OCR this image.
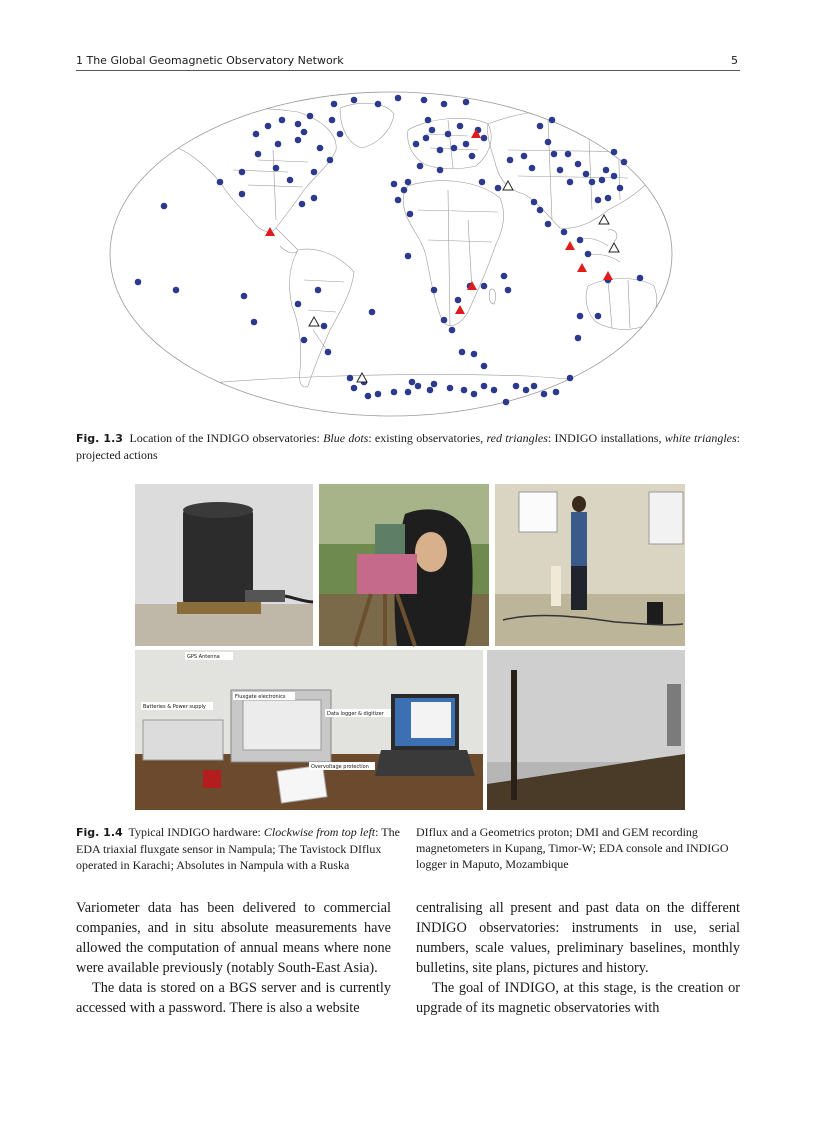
1 The Global Geomagnetic Observatory Network	5
Fig. 1.3 Location of the INDIGO observatories: Blue dots: existing observatories, red triangles: INDIGO installations, white triangles: projected actions
GPS Antenna
Fluxgate electronics
Batteries & Power supply
Data logger & digitizer
Overvoltage protection
Fig. 1.4 Typical INDIGO hardware: Clockwise from top left: The EDA triaxial fluxgate sensor in Nampula; The Tavistock DIflux operated in Karachi; Absolutes in Nampula with a Ruska
DIflux and a Geometrics proton; DMI and GEM recording magnetometers in Kupang, Timor-W; EDA console and INDIGO logger in Maputo, Mozambique

Variometer data has been delivered to commercial companies, and in situ absolute measurements have allowed the computation of annual means where none were available previously (notably South-East Asia).

The data is stored on a BGS server and is currently accessed with a password. There is also a website

centralising all present and past data on the different INDIGO observatories: instruments in use, serial numbers, scale values, preliminary baselines, monthly bulletins, site plans, pictures and history.

The goal of INDIGO, at this stage, is the creation or upgrade of its magnetic observatories with
